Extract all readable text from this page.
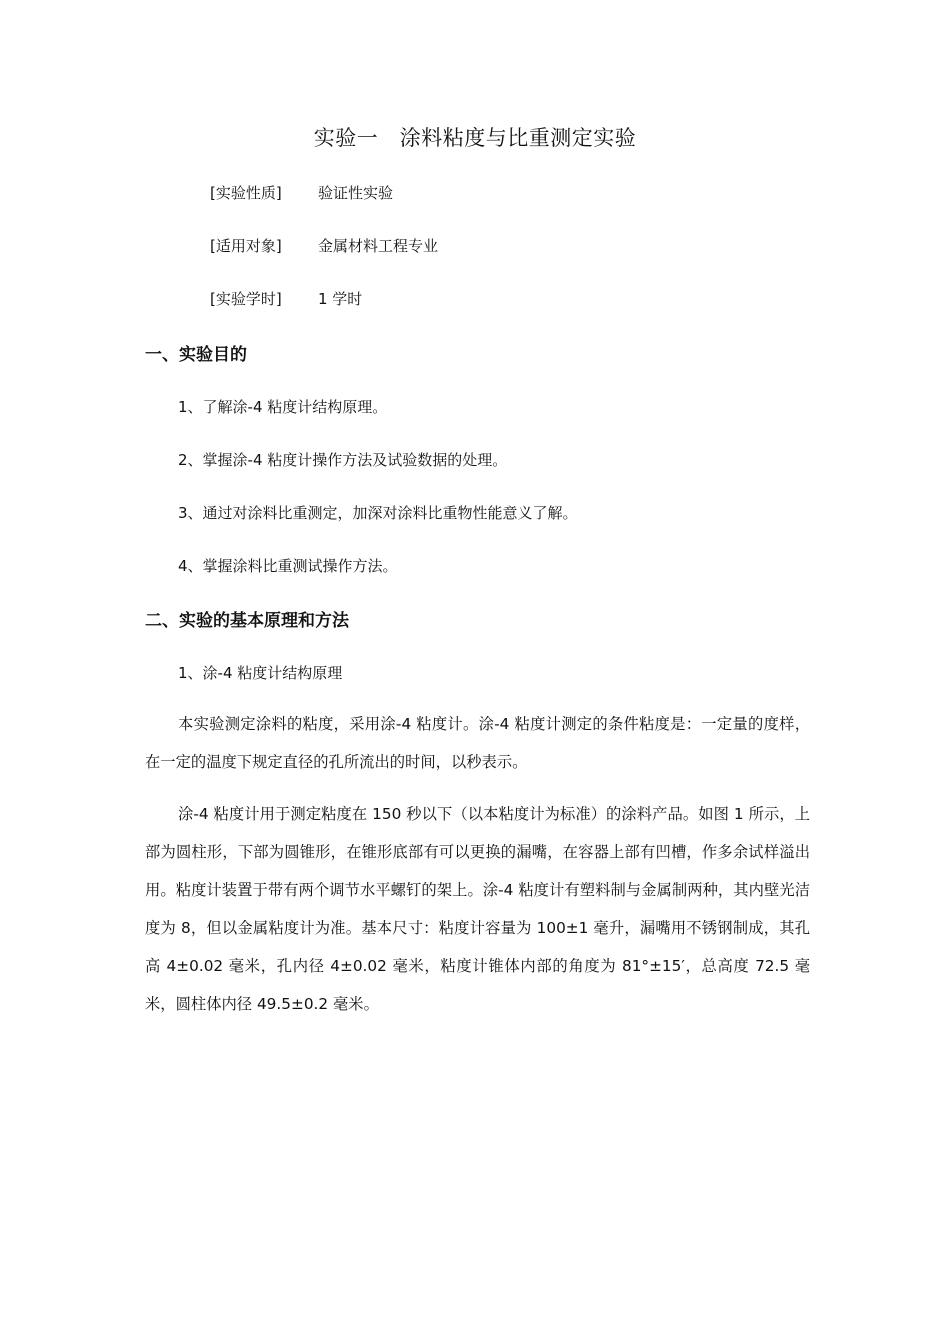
实验一　涂料粘度与比重测定实验
[实验性质] 验证性实验
[适用对象] 金属材料工程专业
[实验学时] 1 学时
一、实验目的
1、了解涂-4 粘度计结构原理。
2、掌握涂-4 粘度计操作方法及试验数据的处理。
3、通过对涂料比重测定，加深对涂料比重物性能意义了解。
4、掌握涂料比重测试操作方法。
二、实验的基本原理和方法
1、涂-4 粘度计结构原理
本实验测定涂料的粘度，采用涂-4 粘度计。涂-4 粘度计测定的条件粘度是：一定量的度样，在一定的温度下规定直径的孔所流出的时间，以秒表示。
涂-4 粘度计用于测定粘度在 150 秒以下（以本粘度计为标准）的涂料产品。如图 1 所示，上部为圆柱形，下部为圆锥形，在锥形底部有可以更换的漏嘴，在容器上部有凹槽，作多余试样溢出用。粘度计装置于带有两个调节水平螺钉的架上。涂-4 粘度计有塑料制与金属制两种，其内壁光洁度为 8，但以金属粘度计为准。基本尺寸：粘度计容量为 100±1 毫升，漏嘴用不锈钢制成，其孔高 4±0.02 毫米，孔内径 4±0.02 毫米，粘度计锥体内部的角度为 81°±15′，总高度 72.5 毫米，圆柱体内径 49.5±0.2 毫米。
